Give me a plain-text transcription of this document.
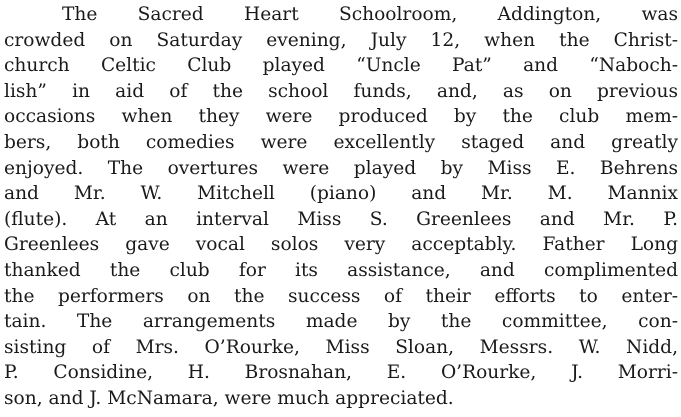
The Sacred Heart Schoolroom, Addington, was
crowded on Saturday evening, July 12, when the Christ-
church Celtic Club played “Uncle Pat” and “Naboch-
lish” in aid of the school funds, and, as on previous
occasions when they were produced by the club mem-
bers, both comedies were excellently staged and greatly
enjoyed. The overtures were played by Miss E. Behrens
and Mr. W. Mitchell (piano) and Mr. M. Mannix
(flute). At an interval Miss S. Greenlees and Mr. P.
Greenlees gave vocal solos very acceptably. Father Long
thanked the club for its assistance, and complimented
the performers on the success of their efforts to enter-
tain. The arrangements made by the committee, con-
sisting of Mrs. O’Rourke, Miss Sloan, Messrs. W. Nidd,
P. Considine, H. Brosnahan, E. O’Rourke, J. Morri-
son, and J. McNamara, were much appreciated.
